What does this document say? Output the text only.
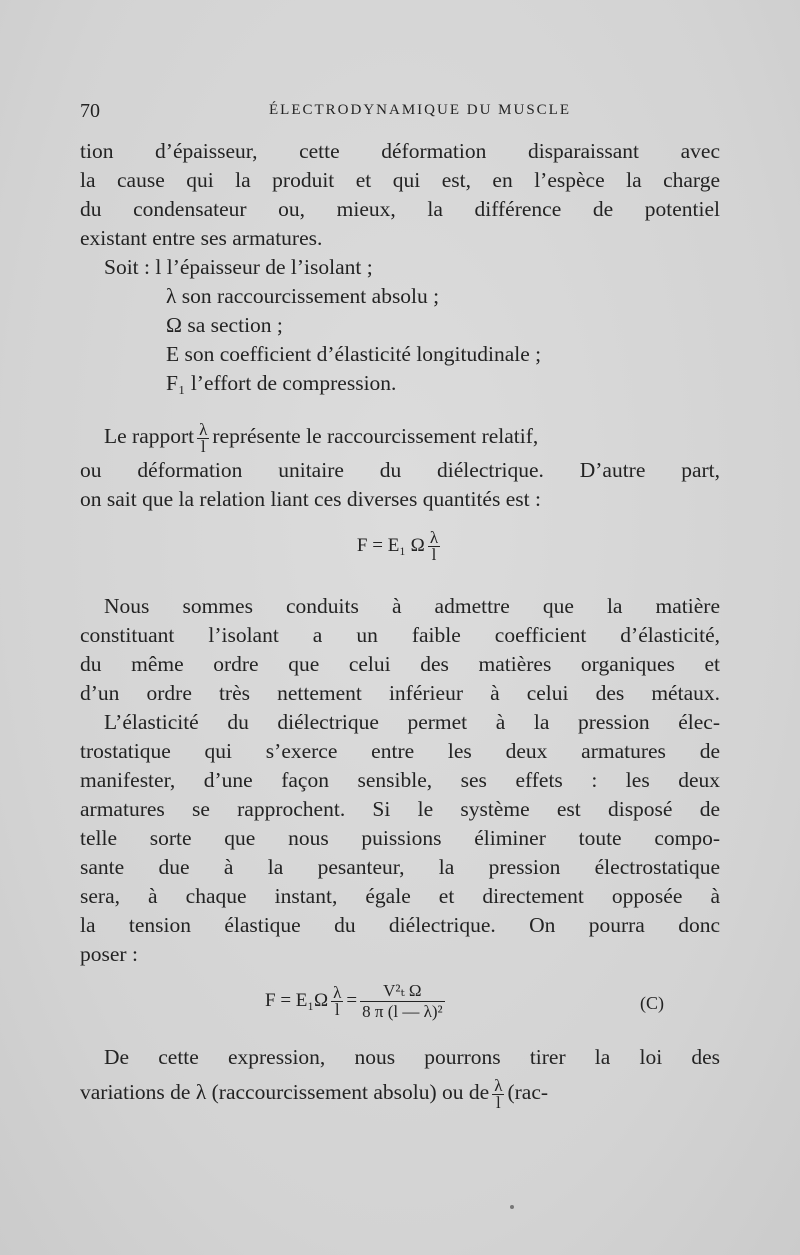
70	ÉLECTRODYNAMIQUE DU MUSCLE
tion d’épaisseur, cette déformation disparaissant avec
la cause qui la produit et qui est, en l’espèce la charge
du condensateur ou, mieux, la différence de potentiel
existant entre ses armatures.
Soit : l l’épaisseur de l’isolant ;
λ son raccourcissement absolu ;
Ω sa section ;
E son coefficient d’élasticité longitudinale ;
F₁ l’effort de compression.
Le rapport $\frac{\lambda}{l}$ représente le raccourcissement relatif,
ou déformation unitaire du diélectrique. D’autre part,
on sait que la relation liant ces diverses quantités est :
F = E₁ Ω $\frac{\lambda}{l}$
Nous sommes conduits à admettre que la matière
constituant l’isolant a un faible coefficient d’élasticité,
du même ordre que celui des matières organiques et
d’un ordre très nettement inférieur à celui des métaux.
L’élasticité du diélectrique permet à la pression élec-
trostatique qui s’exerce entre les deux armatures de
manifester, d’une façon sensible, ses effets : les deux
armatures se rapprochent. Si le système est disposé de
telle sorte que nous puissions éliminer toute compo-
sante due à la pesanteur, la pression électrostatique
sera, à chaque instant, égale et directement opposée à
la tension élastique du diélectrique. On pourra donc
poser :
$F = E_1\Omega \frac{\lambda}{l} = \frac{\text{V²ₜ Ω}}{\text{8 π (l — λ)²}}$	(C)
De cette expression, nous pourrons tirer la loi des
variations de λ (raccourcissement absolu) ou de $\frac{\lambda}{l} (rac-$
